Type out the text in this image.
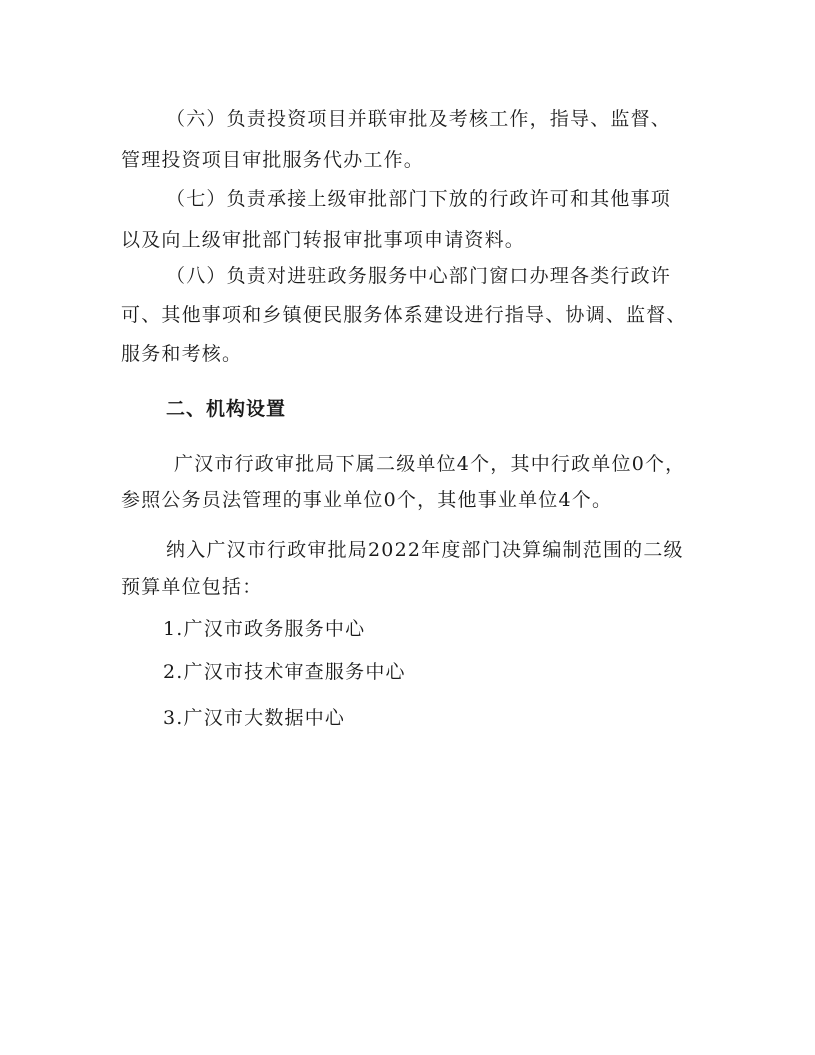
（六）负责投资项目并联审批及考核工作，指导、监督、
管理投资项目审批服务代办工作。
（七）负责承接上级审批部门下放的行政许可和其他事项
以及向上级审批部门转报审批事项申请资料。
（八）负责对进驻政务服务中心部门窗口办理各类行政许
可、其他事项和乡镇便民服务体系建设进行指导、协调、监督、
服务和考核。
二、机构设置
广汉市行政审批局下属二级单位4个，其中行政单位0个，
参照公务员法管理的事业单位0个，其他事业单位4个。
纳入广汉市行政审批局2022年度部门决算编制范围的二级
预算单位包括：
1.广汉市政务服务中心
2.广汉市技术审查服务中心
3.广汉市大数据中心
